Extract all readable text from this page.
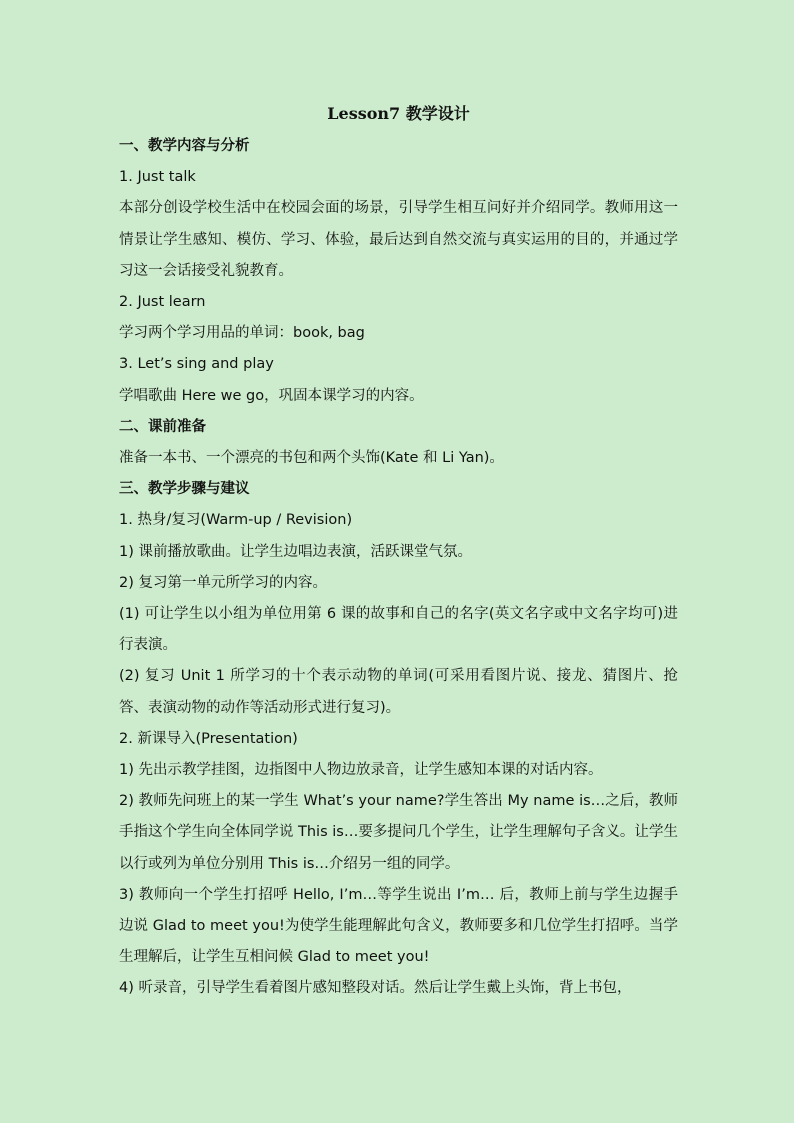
Lesson7 教学设计

一、教学内容与分析

1. Just talk

本部分创设学校生活中在校园会面的场景，引导学生相互问好并介绍同学。教师用这一情景让学生感知、模仿、学习、体验，最后达到自然交流与真实运用的目的，并通过学习这一会话接受礼貌教育。

2. Just learn

学习两个学习用品的单词：book, bag

3. Let’s sing and play

学唱歌曲 Here we go，巩固本课学习的内容。

二、课前准备

准备一本书、一个漂亮的书包和两个头饰(Kate 和 Li Yan)。

三、教学步骤与建议

1. 热身/复习(Warm-up / Revision)

1) 课前播放歌曲。让学生边唱边表演，活跃课堂气氛。

2) 复习第一单元所学习的内容。

(1) 可让学生以小组为单位用第 6 课的故事和自己的名字(英文名字或中文名字均可)进行表演。

(2) 复习 Unit 1 所学习的十个表示动物的单词(可采用看图片说、接龙、猜图片、抢答、表演动物的动作等活动形式进行复习)。

2. 新课导入(Presentation)

1) 先出示教学挂图，边指图中人物边放录音，让学生感知本课的对话内容。

2) 教师先问班上的某一学生 What’s your name?学生答出 My name is…之后，教师手指这个学生向全体同学说 This is…要多提问几个学生，让学生理解句子含义。让学生以行或列为单位分别用 This is…介绍另一组的同学。

3) 教师向一个学生打招呼 Hello, I’m…等学生说出 I’m… 后，教师上前与学生边握手边说 Glad to meet you!为使学生能理解此句含义，教师要多和几位学生打招呼。当学生理解后，让学生互相问候 Glad to meet you!

4) 听录音，引导学生看着图片感知整段对话。然后让学生戴上头饰，背上书包，
